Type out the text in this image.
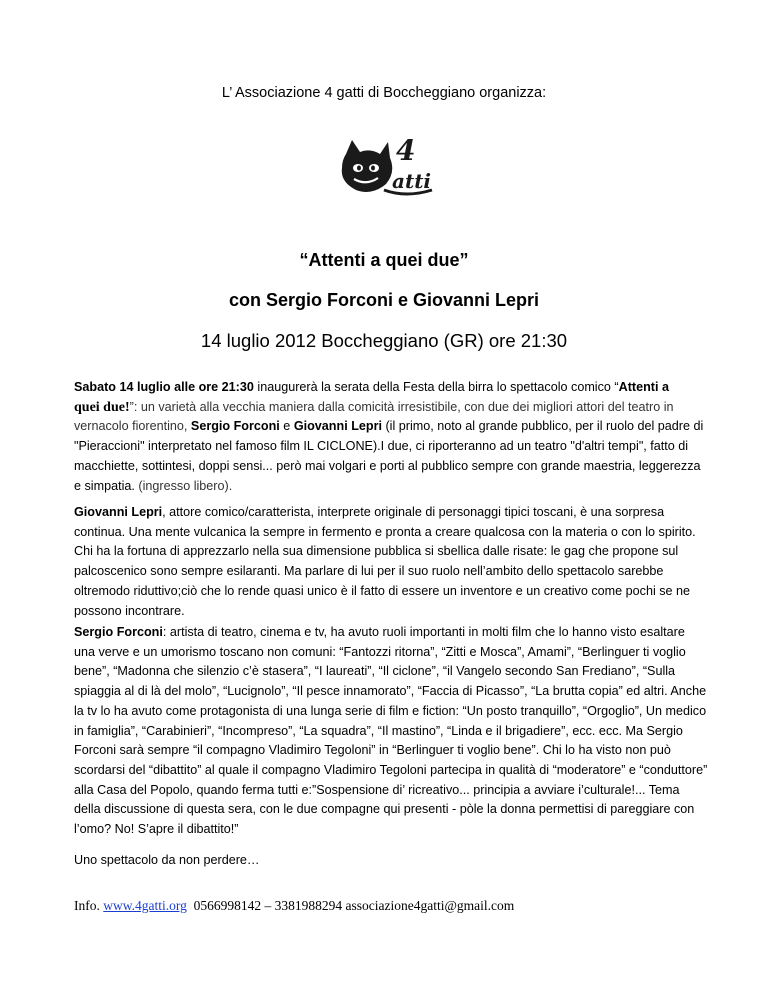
L’ Associazione 4 gatti di Boccheggiano organizza:
4
atti
“Attenti a quei due”
con Sergio Forconi e Giovanni Lepri
14 luglio 2012 Boccheggiano (GR) ore 21:30
Sabato 14 luglio alle ore 21:30 inaugurerà la serata della Festa della birra lo spettacolo comico “Attenti a
quei due!”: un varietà alla vecchia maniera dalla comicità irresistibile, con due dei migliori attori del teatro in vernacolo fiorentino, Sergio Forconi e Giovanni Lepri (il primo, noto al grande pubblico, per il ruolo del padre di "Pieraccioni" interpretato nel famoso film IL CICLONE).I due, ci riporteranno ad un teatro "d'altri tempi", fatto di macchiette, sottintesi, doppi sensi... però mai volgari e porti al pubblico sempre con grande maestria, leggerezza e simpatia. (ingresso libero).
Giovanni Lepri, attore comico/caratterista, interprete originale di personaggi tipici toscani, è una sorpresa continua. Una mente vulcanica la sempre in fermento e pronta a creare qualcosa con la materia o con lo spirito. Chi ha la fortuna di apprezzarlo nella sua dimensione pubblica si sbellica dalle risate: le gag che propone sul palcoscenico sono sempre esilaranti. Ma parlare di lui per il suo ruolo nell’ambito dello spettacolo sarebbe oltremodo riduttivo;ciò che lo rende quasi unico è il fatto di essere un inventore e un creativo come pochi se ne possono incontrare.
Sergio Forconi: artista di teatro, cinema e tv, ha avuto ruoli importanti in molti film che lo hanno visto esaltare una verve e un umorismo toscano non comuni: “Fantozzi ritorna”, “Zitti e Mosca”, Amami”, “Berlinguer ti voglio bene”, “Madonna che silenzio c’è stasera”, “I laureati”, “Il ciclone”, “il Vangelo secondo San Frediano”, “Sulla spiaggia al di là del molo”, “Lucignolo”, “Il pesce innamorato”, “Faccia di Picasso”, “La brutta copia” ed altri. Anche la tv lo ha avuto come protagonista di una lunga serie di film e fiction: “Un posto tranquillo”, “Orgoglio”, Un medico in famiglia”, “Carabinieri”, “Incompreso”, “La squadra”, “Il mastino”, “Linda e il brigadiere”, ecc. ecc. Ma Sergio Forconi sarà sempre “il compagno Vladimiro Tegoloni” in “Berlinguer ti voglio bene”. Chi lo ha visto non può scordarsi del “dibattito” al quale il compagno Vladimiro Tegoloni partecipa in qualità di “moderatore” e “conduttore” alla Casa del Popolo, quando ferma tutti e:”Sospensione di’ ricreativo... principia a avviare i’culturale!... Tema della discussione di questa sera, con le due compagne qui presenti - pòle la donna permettisi di pareggiare con l’omo? No! S’apre il dibattito!”
Uno spettacolo da non perdere…
Info. www.4gatti.org  0566998142 – 3381988294 associazione4gatti@gmail.com
